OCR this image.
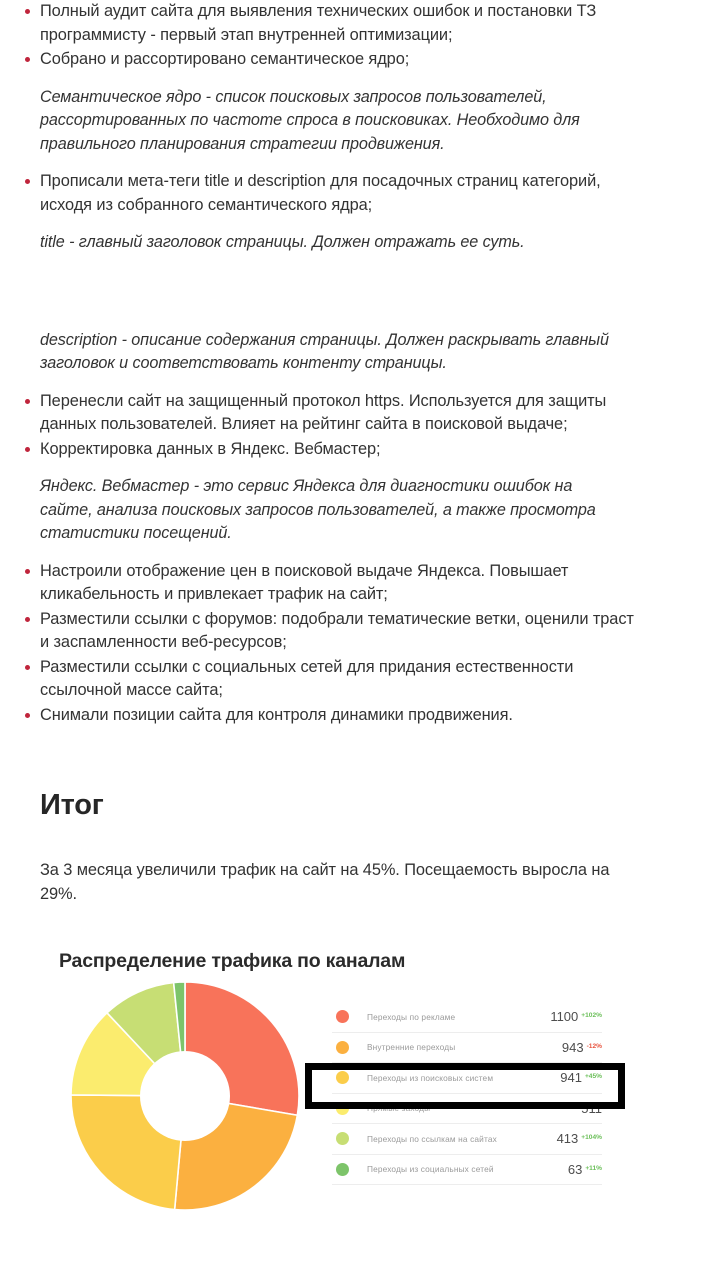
Полный аудит сайта для выявления технических ошибок и постановки ТЗ программисту - первый этап внутренней оптимизации;
Собрано и рассортировано семантическое ядро;
Семантическое ядро - список поисковых запросов пользователей, рассортированных по частоте спроса в поисковиках. Необходимо для правильного планирования стратегии продвижения.
Прописали мета-теги title и description для посадочных страниц категорий, исходя из собранного семантического ядра;
title - главный заголовок страницы. Должен отражать ее суть.
description - описание содержания страницы. Должен раскрывать главный заголовок и соответствовать контенту страницы.
Перенесли сайт на защищенный протокол https. Используется для защиты данных пользователей. Влияет на рейтинг сайта в поисковой выдаче;
Корректировка данных в Яндекс. Вебмастер;
Яндекс. Вебмастер - это сервис Яндекса для диагностики ошибок на сайте, анализа поисковых запросов пользователей, а также просмотра статистики посещений.
Настроили отображение цен в поисковой выдаче Яндекса. Повышает кликабельность и привлекает трафик на сайт;
Разместили ссылки с форумов: подобрали тематические ветки, оценили траст и заспамленности веб-ресурсов;
Разместили ссылки с социальных сетей для придания естественности ссылочной массе сайта;
Снимали позиции сайта для контроля динамики продвижения.
Итог

За 3 месяца увеличили трафик на сайт на 45%. Посещаемость выросла на 29%.

Распределение трафика по каналам
Переходы по рекламе	1100 $^{+102\%}$
Внутренние переходы	943 $^{-12\%}$
Переходы из поисковых систем	941 $^{+45\%}$
Прямые заходы	511
Переходы по ссылкам на сайтах	413 $^{+104\%}$
Переходы из социальных сетей	63 $^{+11\%}$
